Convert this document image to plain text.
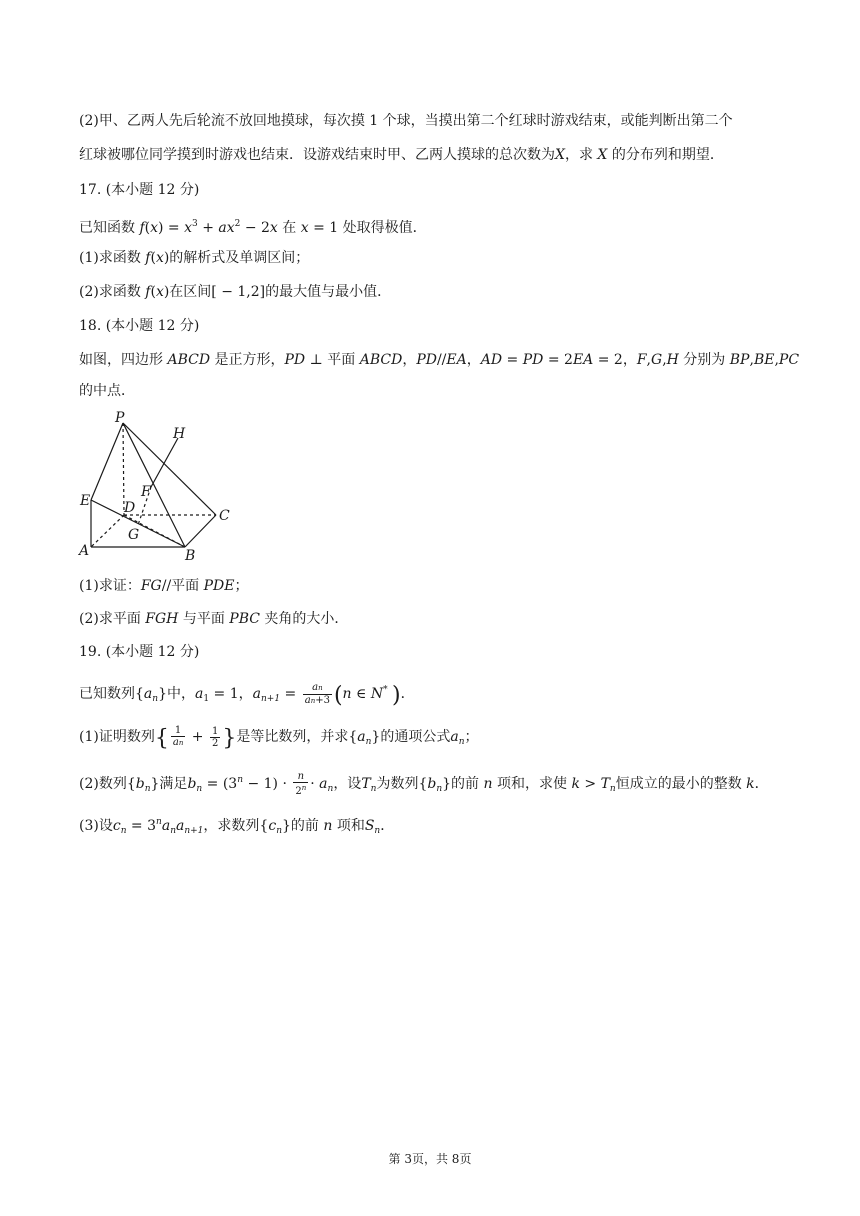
(2)甲、乙两人先后轮流不放回地摸球，每次摸 1 个球，当摸出第二个红球时游戏结束，或能判断出第二个
红球被哪位同学摸到时游戏也结束．设游戏结束时甲、乙两人摸球的总次数为X，求 X 的分布列和期望．
17. (本小题 12 分)
已知函数 $f(x) = x^3 + ax^2 - 2x$ 在 x = 1 处取得极值．
(1)求函数 f(x)的解析式及单调区间；
(2)求函数 f(x)在区间[ − 1,2]的最大值与最小值．
18. (本小题 12 分)
如图，四边形 ABCD 是正方形，PD ⊥ 平面 ABCD，PD//EA，AD = PD = 2EA = 2，F,G,H 分别为 BP,BE,PC
的中点．
P
H
F
E D	C
G
A	B
(1)求证：FG//平面 PDE；
(2)求平面 FGH 与平面 PBC 夹角的大小．
19. (本小题 12 分)
已知数列$\{a_n\}$中，$a_1 = 1$，$a_{n+1} = \frac{an}{an+3} (n$ ∈ N* )．
(1)证明数列{ $\frac{1}{an} + \frac{1}{2}$ }是等比数列，并求$\{a_n\}$的通项公式$a_n$；
(2)数列$\{b_n\}$满足$b_n = (3^n - 1) \cdot \frac{n}{2^n} \cdot a_n$，设$T_n$为数列$\{b_n\}$的前 n 项和，求使 $k > T_n$恒成立的最小的整数 k．
(3)设$c_n = 3^na_na_{n+1}$，求数列$\{c_n\}$的前 n 项和$S_n$．
第 3页，共 8页
